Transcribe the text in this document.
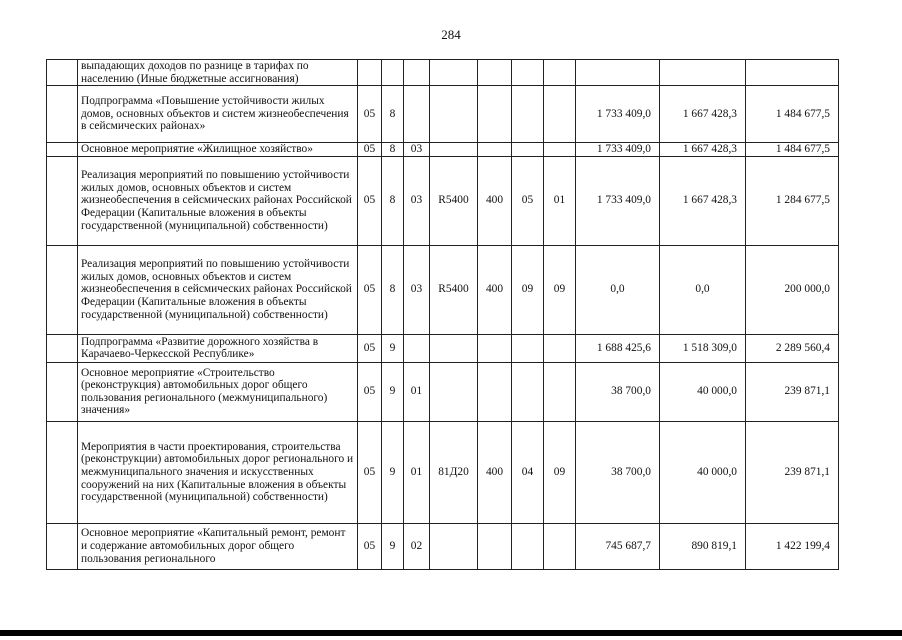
284
	выпадающих доходов по разнице в тарифах по населению (Иные бюджетные ассигнования)										
	Подпрограмма «Повышение устойчивости жилых домов, основных объектов и систем жизнеобеспечения в сейсмических районах»	05	8						1 733 409,0	1 667 428,3	1 484 677,5
	Основное мероприятие «Жилищное хозяйство»	05	8	03					1 733 409,0	1 667 428,3	1 484 677,5
	Реализация мероприятий по повышению устойчивости жилых домов, основных объектов и систем жизнеобеспечения в сейсмических районах Российской Федерации (Капитальные вложения в объекты государственной (муниципальной) собственности)	05	8	03	R5400	400	05	01	1 733 409,0	1 667 428,3	1 284 677,5
	Реализация мероприятий по повышению устойчивости жилых домов, основных объектов и систем жизнеобеспечения в сейсмических районах Российской Федерации (Капитальные вложения в объекты государственной (муниципальной) собственности)	05	8	03	R5400	400	09	09	0,0	0,0	200 000,0
	Подпрограмма «Развитие дорожного хозяйства в Карачаево-Черкесской Республике»	05	9						1 688 425,6	1 518 309,0	2 289 560,4
	Основное мероприятие «Строительство (реконструкция) автомобильных дорог общего пользования регионального (межмуниципального) значения»	05	9	01					38 700,0	40 000,0	239 871,1
	Мероприятия в части проектирования, строительства (реконструкции) автомобильных дорог регионального и межмуниципального значения и искусственных сооружений на них (Капитальные вложения в объекты государственной (муниципальной) собственности)	05	9	01	81Д20	400	04	09	38 700,0	40 000,0	239 871,1
	Основное мероприятие «Капитальный ремонт, ремонт и содержание автомобильных дорог общего пользования регионального	05	9	02					745 687,7	890 819,1	1 422 199,4
